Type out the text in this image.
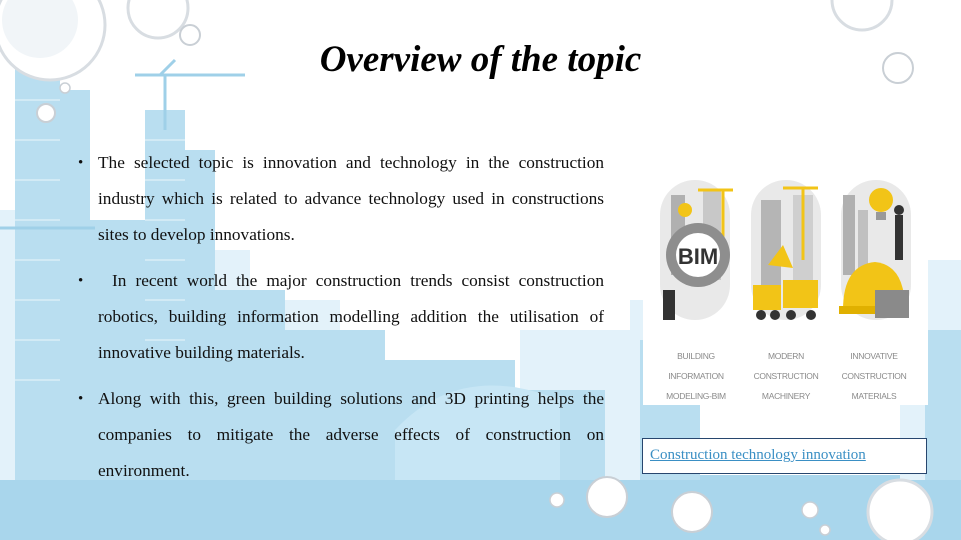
Overview of the topic
• The selected topic is innovation and technology in the construction industry which is related to advance technology used in constructions sites to develop innovations.
• In recent world the major construction trends consist construction robotics, building information modelling addition the utilisation of innovative building materials.
• Along with this, green building solutions and 3D printing helps the companies to mitigate the adverse effects of construction on environment.
BIM
BUILDING INFORMATION MODELING-BIM
MODERN CONSTRUCTION MACHINERY
INNOVATIVE CONSTRUCTION MATERIALS
Construction technology innovation
